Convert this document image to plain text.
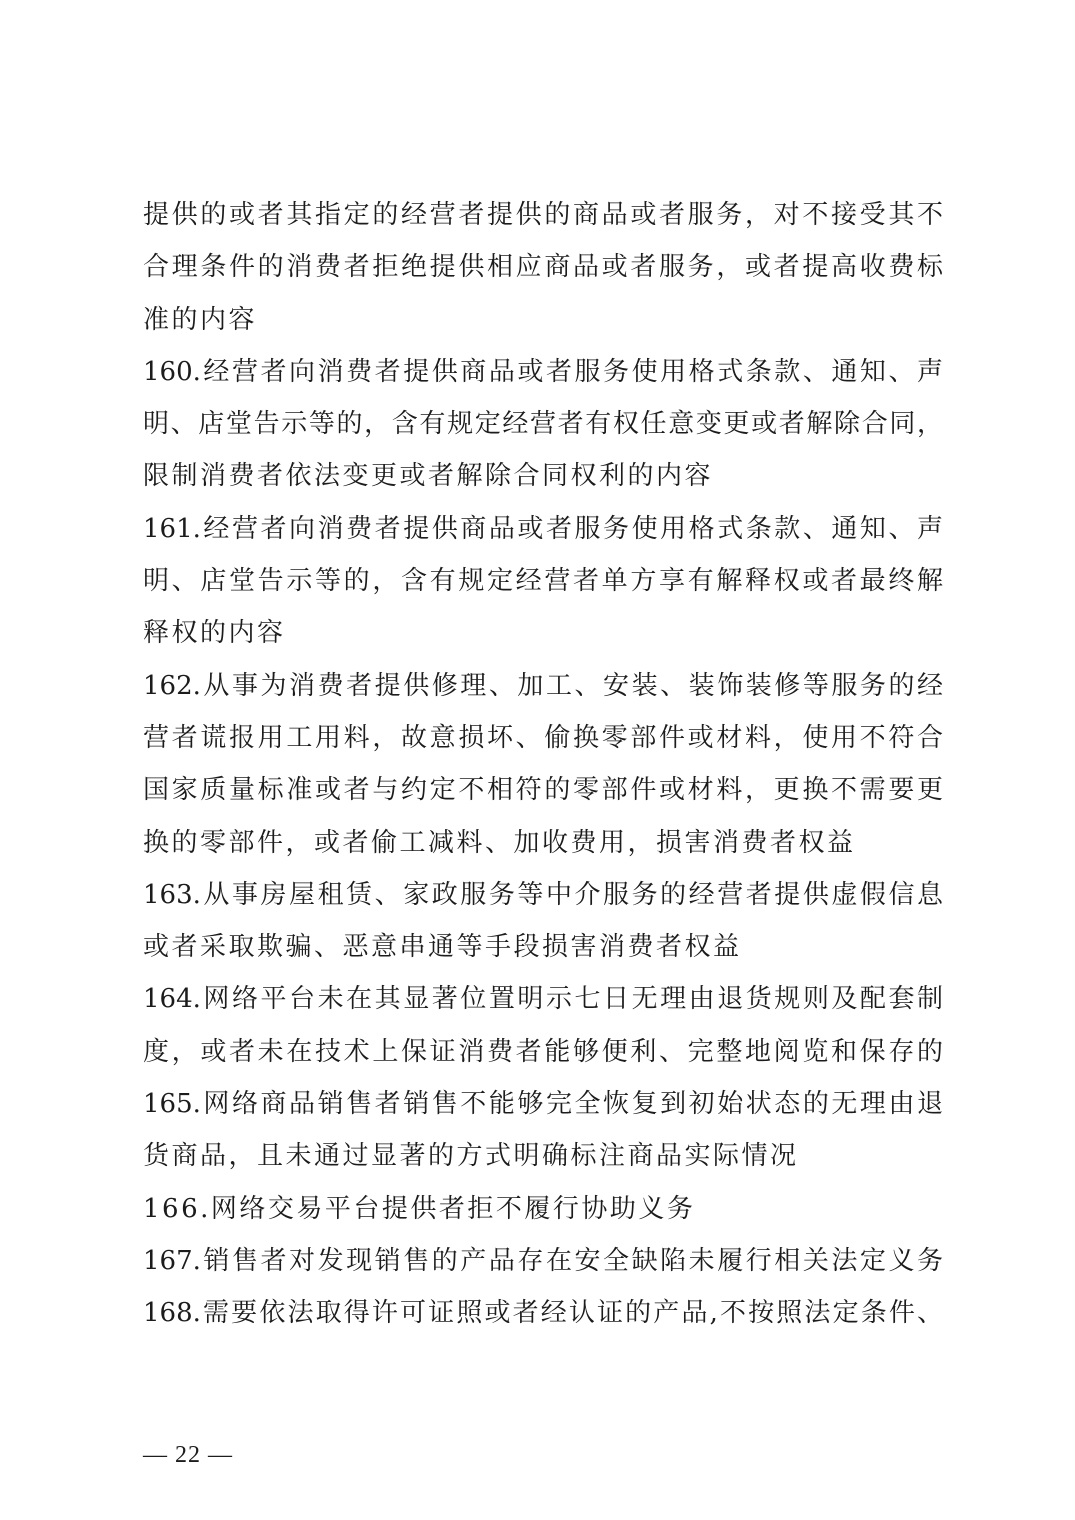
提供的或者其指定的经营者提供的商品或者服务，对不接受其不
合理条件的消费者拒绝提供相应商品或者服务，或者提高收费标
准的内容
160.经营者向消费者提供商品或者服务使用格式条款、通知、声
明、店堂告示等的，含有规定经营者有权任意变更或者解除合同，
限制消费者依法变更或者解除合同权利的内容
161.经营者向消费者提供商品或者服务使用格式条款、通知、声
明、店堂告示等的，含有规定经营者单方享有解释权或者最终解
释权的内容
162.从事为消费者提供修理、加工、安装、装饰装修等服务的经
营者谎报用工用料，故意损坏、偷换零部件或材料，使用不符合
国家质量标准或者与约定不相符的零部件或材料，更换不需要更
换的零部件，或者偷工减料、加收费用，损害消费者权益
163.从事房屋租赁、家政服务等中介服务的经营者提供虚假信息
或者采取欺骗、恶意串通等手段损害消费者权益
164.网络平台未在其显著位置明示七日无理由退货规则及配套制
度，或者未在技术上保证消费者能够便利、完整地阅览和保存的
165.网络商品销售者销售不能够完全恢复到初始状态的无理由退
货商品，且未通过显著的方式明确标注商品实际情况
166.网络交易平台提供者拒不履行协助义务
167.销售者对发现销售的产品存在安全缺陷未履行相关法定义务
168.需要依法取得许可证照或者经认证的产品,不按照法定条件、
— 22 —
